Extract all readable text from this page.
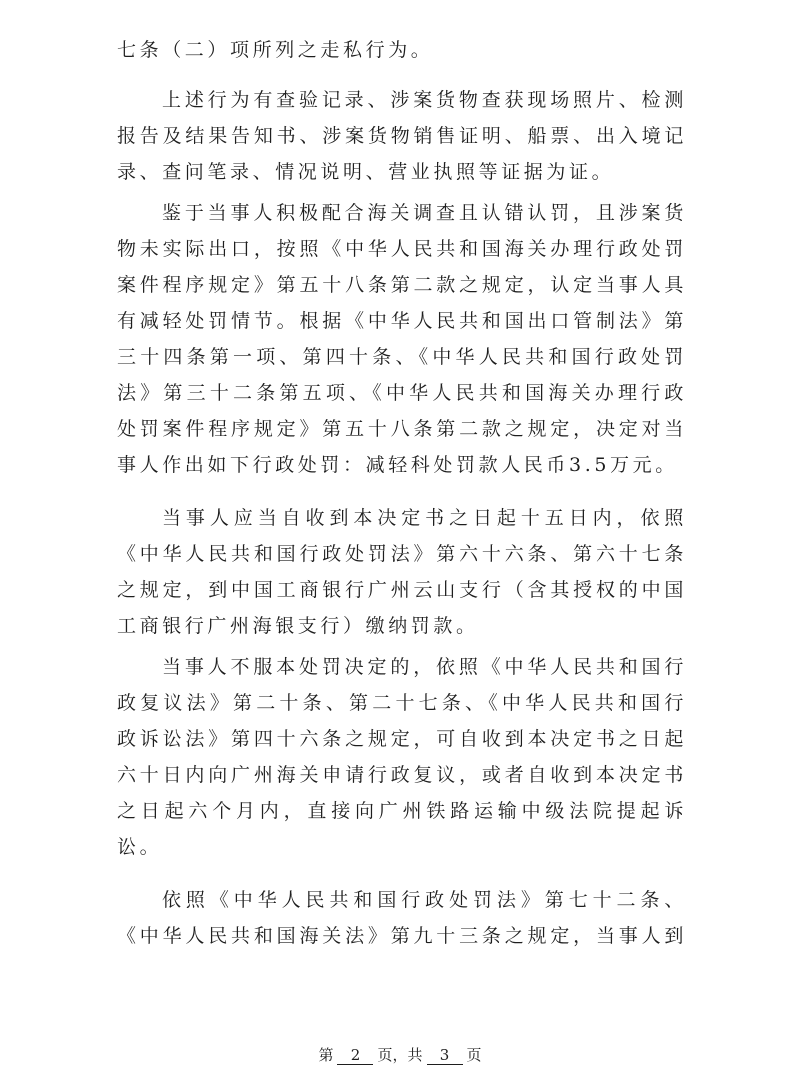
七条（二）项所列之走私行为。
上述行为有查验记录、涉案货物查获现场照片、检测
报告及结果告知书、涉案货物销售证明、船票、出入境记
录、查问笔录、情况说明、营业执照等证据为证。
鉴于当事人积极配合海关调查且认错认罚，且涉案货
物未实际出口，按照《中华人民共和国海关办理行政处罚
案件程序规定》第五十八条第二款之规定，认定当事人具
有减轻处罚情节。根据《中华人民共和国出口管制法》第
三十四条第一项、第四十条、《中华人民共和国行政处罚
法》第三十二条第五项、《中华人民共和国海关办理行政
处罚案件程序规定》第五十八条第二款之规定，决定对当
事人作出如下行政处罚：减轻科处罚款人民币3.5万元。
当事人应当自收到本决定书之日起十五日内，依照
《中华人民共和国行政处罚法》第六十六条、第六十七条
之规定，到中国工商银行广州云山支行（含其授权的中国
工商银行广州海银支行）缴纳罚款。
当事人不服本处罚决定的，依照《中华人民共和国行
政复议法》第二十条、第二十七条、《中华人民共和国行
政诉讼法》第四十六条之规定，可自收到本决定书之日起
六十日内向广州海关申请行政复议，或者自收到本决定书
之日起六个月内，直接向广州铁路运输中级法院提起诉
讼。
依照《中华人民共和国行政处罚法》第七十二条、
《中华人民共和国海关法》第九十三条之规定，当事人到
第 2 页，共 3 页
